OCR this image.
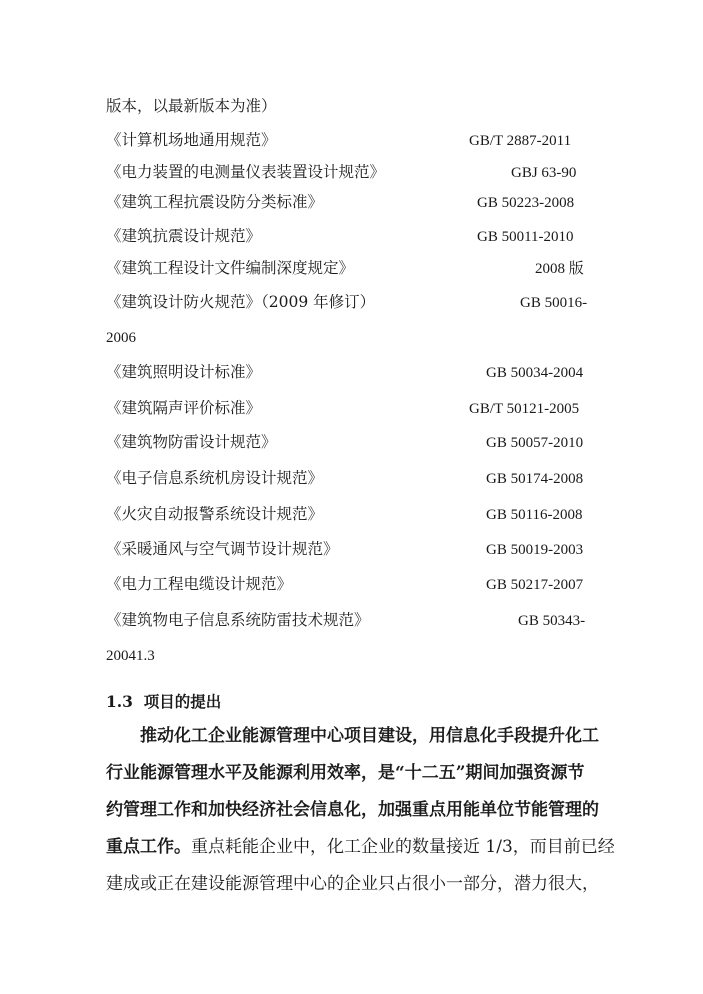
版本，以最新版本为准）
《计算机场地通用规范》	GB/T 2887-2011
《电力装置的电测量仪表装置设计规范》	GBJ 63-90
《建筑工程抗震设防分类标准》	GB 50223-2008
《建筑抗震设计规范》	GB 50011-2010
《建筑工程设计文件编制深度规定》	2008 版
《建筑设计防火规范》（2009 年修订）	GB 50016-
2006
《建筑照明设计标准》	GB 50034-2004
《建筑隔声评价标准》	GB/T 50121-2005
《建筑物防雷设计规范》	GB 50057-2010
《电子信息系统机房设计规范》	GB 50174-2008
《火灾自动报警系统设计规范》	GB 50116-2008
《采暖通风与空气调节设计规范》	GB 50019-2003
《电力工程电缆设计规范》	GB 50217-2007
《建筑物电子信息系统防雷技术规范》	GB 50343-
20041.3
1.3 项目的提出
推动化工企业能源管理中心项目建设，用信息化手段提升化工
行业能源管理水平及能源利用效率，是“十二五”期间加强资源节
约管理工作和加快经济社会信息化，加强重点用能单位节能管理的
重点工作。重点耗能企业中，化工企业的数量接近 1/3，而目前已经
建成或正在建设能源管理中心的企业只占很小一部分，潜力很大，
